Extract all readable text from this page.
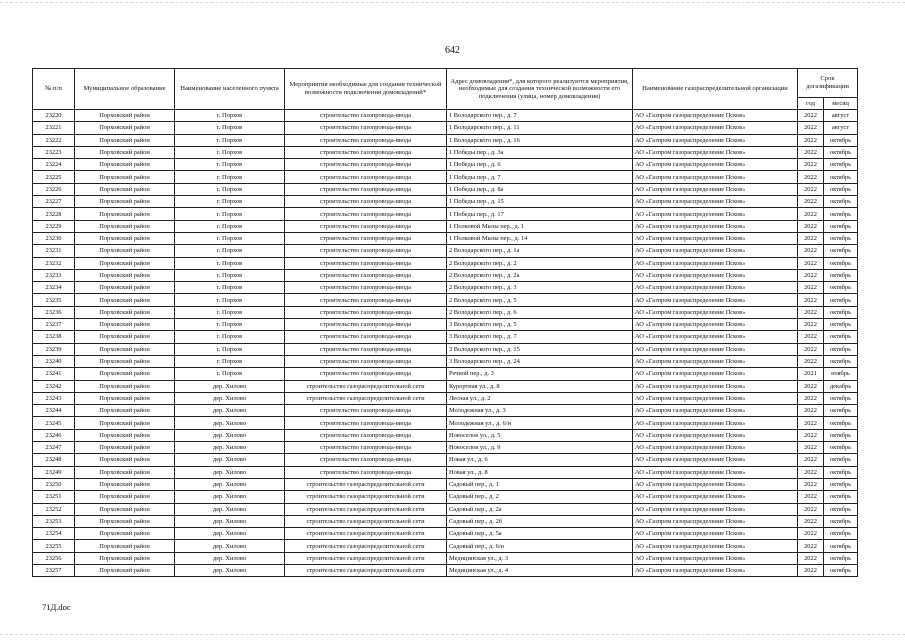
642
№ п/п	Муниципальное образование	Наименование населенного пункта	Мероприятия необходимые для создания технической возможности подключения домовладений*	Адрес домовладения*, для которого реализуются мероприятия, необходимые для создания технической возможности его подключения (улица, номер домовладения)	Наименование газораспределительной организации	Срок догазификации	
						год	месяц
23220	Порховский район	г. Порхов	строительство газопровода-ввода	1 Володарского пер., д. 7	АО «Газпром газораспределение Псков»	2022	август
23221	Порховский район	г. Порхов	строительство газопровода-ввода	1 Володарского пер., д. 11	АО «Газпром газораспределение Псков»	2022	август
23222	Порховский район	г. Порхов	строительство газопровода-ввода	1 Володарского пер., д. 16	АО «Газпром газораспределение Псков»	2022	октябрь
23223	Порховский район	г. Порхов	строительство газопровода-ввода	1 Победы пер., д. 3а	АО «Газпром газораспределение Псков»	2022	октябрь
23224	Порховский район	г. Порхов	строительство газопровода-ввода	1 Победы пер., д. 6	АО «Газпром газораспределение Псков»	2022	октябрь
23225	Порховский район	г. Порхов	строительство газопровода-ввода	1 Победы пер., д. 7	АО «Газпром газораспределение Псков»	2022	октябрь
23226	Порховский район	г. Порхов	строительство газопровода-ввода	1 Победы пер., д. 8а	АО «Газпром газораспределение Псков»	2022	октябрь
23227	Порховский район	г. Порхов	строительство газопровода-ввода	1 Победы пер., д. 15	АО «Газпром газораспределение Псков»	2022	октябрь
23228	Порховский район	г. Порхов	строительство газопровода-ввода	1 Победы пер., д. 17	АО «Газпром газораспределение Псков»	2022	октябрь
23229	Порховский район	г. Порхов	строительство газопровода-ввода	1 Полковой Мызы пер., д. 1	АО «Газпром газораспределение Псков»	2022	октябрь
23230	Порховский район	г. Порхов	строительство газопровода-ввода	1 Полковой Мызы пер., д. 14	АО «Газпром газораспределение Псков»	2022	октябрь
23231	Порховский район	г. Порхов	строительство газопровода-ввода	2 Володарского пер., д. 1а	АО «Газпром газораспределение Псков»	2022	октябрь
23232	Порховский район	г. Порхов	строительство газопровода-ввода	2 Володарского пер., д. 2	АО «Газпром газораспределение Псков»	2022	октябрь
23233	Порховский район	г. Порхов	строительство газопровода-ввода	2 Володарского пер., д. 2а	АО «Газпром газораспределение Псков»	2022	октябрь
23234	Порховский район	г. Порхов	строительство газопровода-ввода	2 Володарского пер., д. 3	АО «Газпром газораспределение Псков»	2022	октябрь
23235	Порховский район	г. Порхов	строительство газопровода-ввода	2 Володарского пер., д. 5	АО «Газпром газораспределение Псков»	2022	октябрь
23236	Порховский район	г. Порхов	строительство газопровода-ввода	2 Володарского пер., д. 6	АО «Газпром газораспределение Псков»	2022	октябрь
23237	Порховский район	г. Порхов	строительство газопровода-ввода	3 Володарского пер., д. 5	АО «Газпром газораспределение Псков»	2022	октябрь
23238	Порховский район	г. Порхов	строительство газопровода-ввода	3 Володарского пер., д. 7	АО «Газпром газораспределение Псков»	2022	октябрь
23239	Порховский район	г. Порхов	строительство газопровода-ввода	3 Володарского пер., д. 15	АО «Газпром газораспределение Псков»	2022	октябрь
23240	Порховский район	г. Порхов	строительство газопровода-ввода	3 Володарского пер., д. 24	АО «Газпром газораспределение Псков»	2022	октябрь
23241	Порховский район	г. Порхов	строительство газопровода-ввода	Речной пер., д. 3	АО «Газпром газораспределение Псков»	2021	ноябрь
23242	Порховский район	дер. Хилово	строительство газораспределительной сети	Курортная ул., д. 8	АО «Газпром газораспределение Псков»	2022	декабрь
23243	Порховский район	дер. Хилово	строительство газораспределительной сети	Лесная ул., д. 2	АО «Газпром газораспределение Псков»	2022	октябрь
23244	Порховский район	дер. Хилово	строительство газопровода-ввода	Молодежная ул., д. 3	АО «Газпром газораспределение Псков»	2022	октябрь
23245	Порховский район	дер. Хилово	строительство газопровода-ввода	Молодежная ул., д. 6/н	АО «Газпром газораспределение Псков»	2022	октябрь
23246	Порховский район	дер. Хилово	строительство газопровода-ввода	Новоселов ул., д. 5	АО «Газпром газораспределение Псков»	2022	октябрь
23247	Порховский район	дер. Хилово	строительство газопровода-ввода	Новоселов ул., д. 9	АО «Газпром газораспределение Псков»	2022	октябрь
23248	Порховский район	дер. Хилово	строительство газопровода-ввода	Новая ул., д. 6	АО «Газпром газораспределение Псков»	2022	октябрь
23249	Порховский район	дер. Хилово	строительство газопровода-ввода	Новая ул., д. 8	АО «Газпром газораспределение Псков»	2022	октябрь
23250	Порховский район	дер. Хилово	строительство газораспределительной сети	Садовый пер., д. 1	АО «Газпром газораспределение Псков»	2022	октябрь
23251	Порховский район	дер. Хилово	строительство газораспределительной сети	Садовый пер., д. 2	АО «Газпром газораспределение Псков»	2022	октябрь
23252	Порховский район	дер. Хилово	строительство газораспределительной сети	Садовый пер., д. 2а	АО «Газпром газораспределение Псков»	2022	октябрь
23253	Порховский район	дер. Хилово	строительство газораспределительной сети	Садовый пер., д. 2б	АО «Газпром газораспределение Псков»	2022	октябрь
23254	Порховский район	дер. Хилово	строительство газораспределительной сети	Садовый пер., д. 5а	АО «Газпром газораспределение Псков»	2022	октябрь
23255	Порховский район	дер. Хилово	строительство газораспределительной сети	Садовый пер., д. 6/н	АО «Газпром газораспределение Псков»	2022	октябрь
23256	Порховский район	дер. Хилово	строительство газораспределительной сети	Медицинская ул., д. 3	АО «Газпром газораспределение Псков»	2022	октябрь
23257	Порховский район	дер. Хилово	строительство газораспределительной сети	Медицинская ул., д. 4	АО «Газпром газораспределение Псков»	2022	октябрь
71Д.doc
